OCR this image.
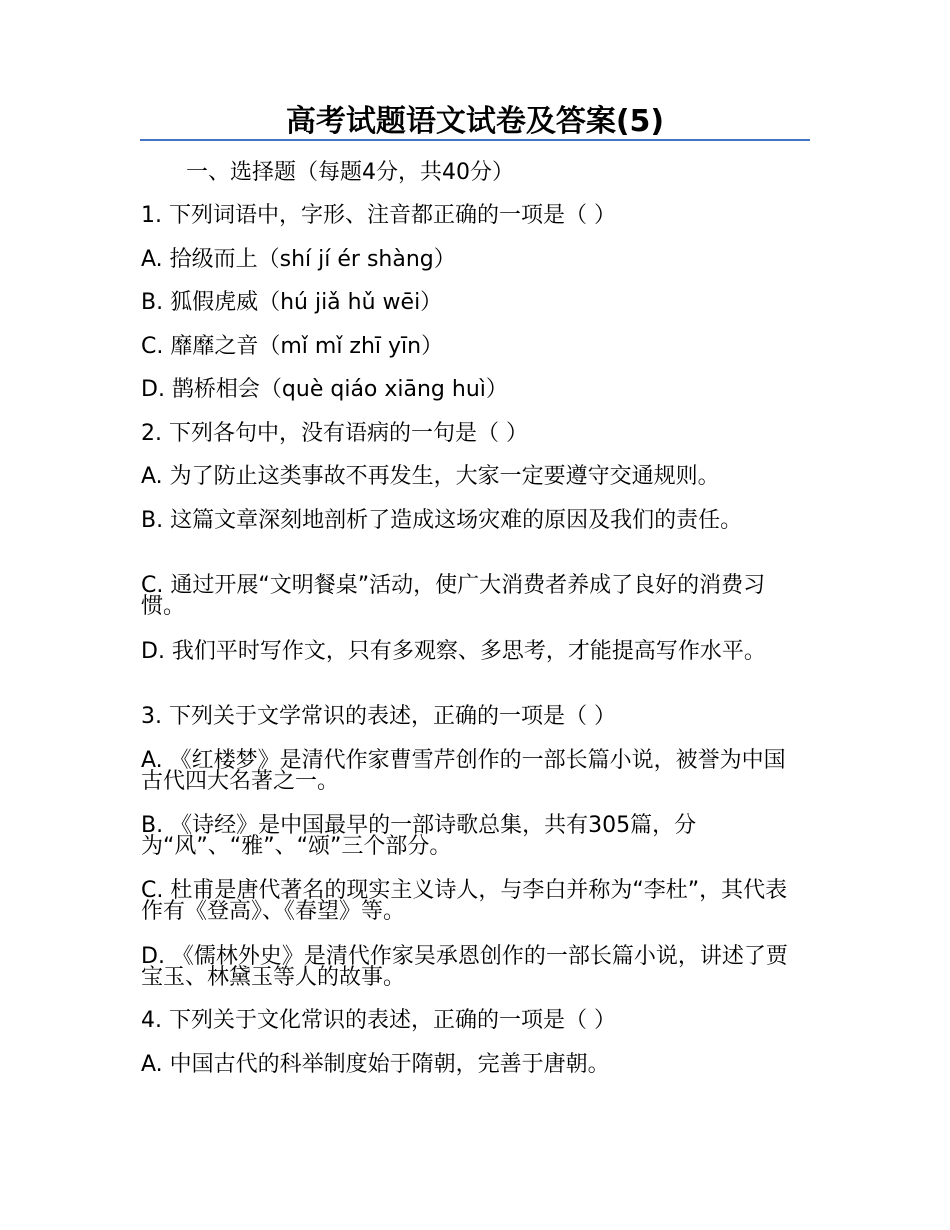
高考试题语文试卷及答案(5)
一、选择题（每题4分，共40分）
1. 下列词语中，字形、注音都正确的一项是（ ）
A. 拾级而上（shí jí ér shàng）
B. 狐假虎威（hú jiǎ hǔ wēi）
C. 靡靡之音（mǐ mǐ zhī yīn）
D. 鹊桥相会（què qiáo xiāng huì）
2. 下列各句中，没有语病的一句是（ ）
A. 为了防止这类事故不再发生，大家一定要遵守交通规则。
B. 这篇文章深刻地剖析了造成这场灾难的原因及我们的责任。
C. 通过开展“文明餐桌”活动，使广大消费者养成了良好的消费习惯。
D. 我们平时写作文，只有多观察、多思考，才能提高写作水平。
3. 下列关于文学常识的表述，正确的一项是（ ）
A. 《红楼梦》是清代作家曹雪芹创作的一部长篇小说，被誉为中国古代四大名著之一。
B. 《诗经》是中国最早的一部诗歌总集，共有305篇，分为“风”、“雅”、“颂”三个部分。
C. 杜甫是唐代著名的现实主义诗人，与李白并称为“李杜”，其代表作有《登高》、《春望》等。
D. 《儒林外史》是清代作家吴承恩创作的一部长篇小说，讲述了贾宝玉、林黛玉等人的故事。
4. 下列关于文化常识的表述，正确的一项是（ ）
A. 中国古代的科举制度始于隋朝，完善于唐朝。
